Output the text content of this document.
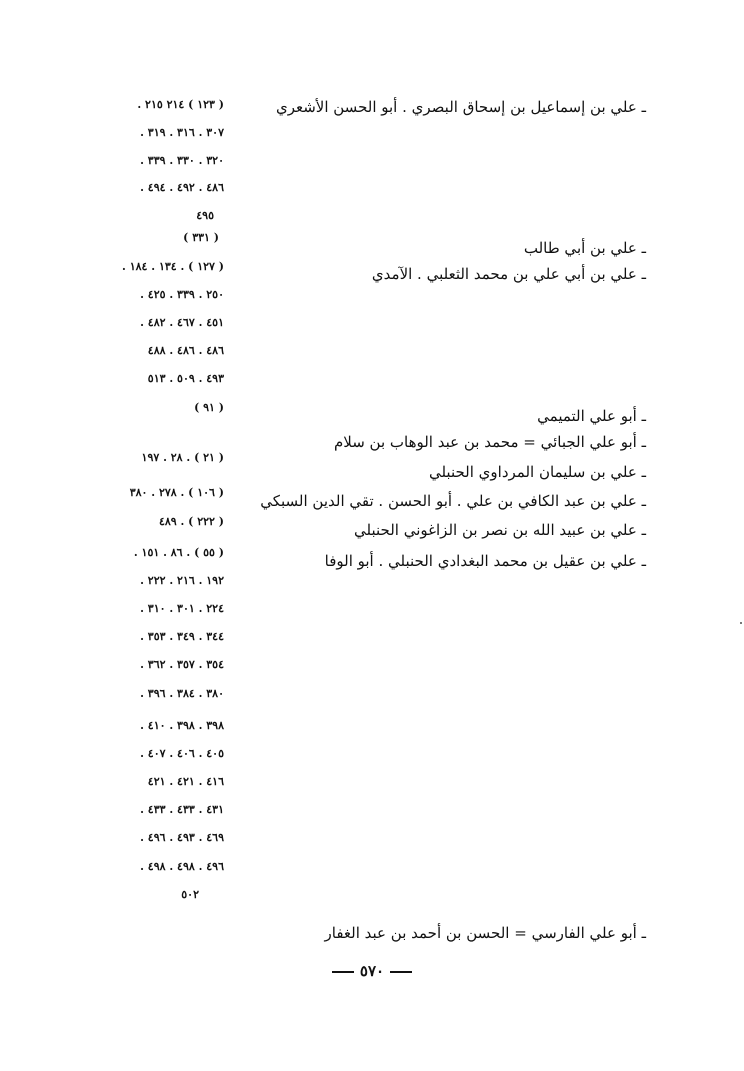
ـ علي بن إسماعيل بن إسحاق البصري . أبو الحسن الأشعري
ـ علي بن أبي طالب
ـ علي بن أبي علي بن محمد الثعلبي . الآمدي
ـ أبو علي التميمي
ـ أبو علي الجبائي = محمد بن عبد الوهاب بن سلام
ـ علي بن سليمان المرداوي الحنبلي
ـ علي بن عبد الكافي بن علي . أبو الحسن . تقي الدين السبكي
ـ علي بن عبيد الله بن نصر بن الزاغوني الحنبلي
ـ علي بن عقيل بن محمد البغدادي الحنبلي . أبو الوفا
ـ أبو علي الفارسي = الحسن بن أحمد بن عبد الغفار
( ١٢٣ ) ٢١٤ ٢١٥ .
٣٠٧ . ٣١٦ . ٣١٩ .
٣٢٠ . ٣٣٠ . ٣٣٩ .
٤٨٦ . ٤٩٢ . ٤٩٤ .
٤٩٥
( ٣٣١ )
( ١٢٧ ) . ١٣٤ . ١٨٤ .
٢٥٠ . ٣٣٩ . ٤٢٥ .
٤٥١ . ٤٦٧ . ٤٨٢ .
٤٨٦ . ٤٨٦ . ٤٨٨
٤٩٣ . ٥٠٩ . ٥١٣
( ٩١ )
( ٢١ ) . ٢٨ . ١٩٧
( ١٠٦ ) . ٢٧٨ . ٣٨٠
( ٢٢٢ ) . ٤٨٩
( ٥٥ ) . ٨٦ . ١٥١ .
١٩٢ . ٢١٦ . ٢٢٢ .
٢٢٤ . ٣٠١ . ٣١٠ .
٣٤٤ . ٣٤٩ . ٣٥٣ .
٣٥٤ . ٣٥٧ . ٣٦٢ .
٣٨٠ . ٣٨٤ . ٣٩٦ .
٣٩٨ . ٣٩٨ . ٤١٠ .
٤٠٥ . ٤٠٦ . ٤٠٧ .
٤١٦ . ٤٢١ . ٤٢١
٤٣١ . ٤٣٣ . ٤٣٣ .
٤٦٩ . ٤٩٣ . ٤٩٦ .
٤٩٦ . ٤٩٨ . ٤٩٨ .
٥٠٢
٥٧٠
